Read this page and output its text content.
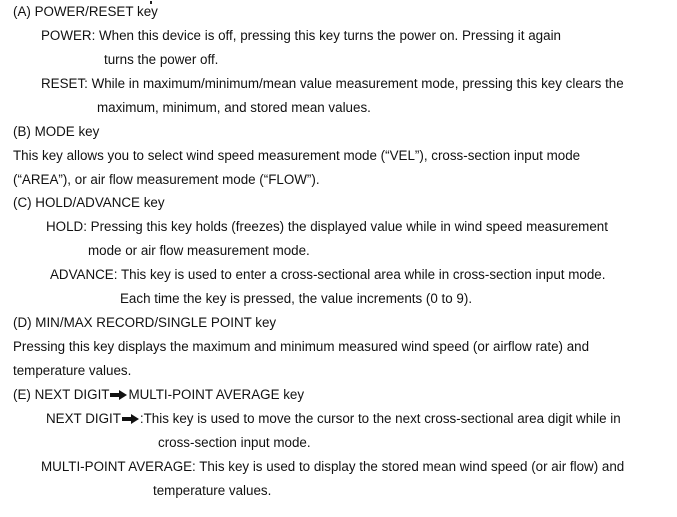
(A) POWER/RESET key

POWER: When this device is off, pressing this key turns the power on. Pressing it again

turns the power off.

RESET: While in maximum/minimum/mean value measurement mode, pressing this key clears the

maximum, minimum, and stored mean values.

(B) MODE key

This key allows you to select wind speed measurement mode (“VEL”), cross-section input mode

(“AREA”), or air flow measurement mode (“FLOW”).

(C) HOLD/ADVANCE key

HOLD: Pressing this key holds (freezes) the displayed value while in wind speed measurement

mode or air flow measurement mode.

ADVANCE: This key is used to enter a cross-sectional area while in cross-section input mode.

Each time the key is pressed, the value increments (0 to 9).

(D) MIN/MAX RECORD/SINGLE POINT key

Pressing this key displays the maximum and minimum measured wind speed (or airflow rate) and

temperature values.

(E) NEXT DIGIT MULTI-POINT AVERAGE key

NEXT DIGIT :This key is used to move the cursor to the next cross-sectional area digit while in

cross-section input mode.

MULTI-POINT AVERAGE: This key is used to display the stored mean wind speed (or air flow) and

temperature values.
